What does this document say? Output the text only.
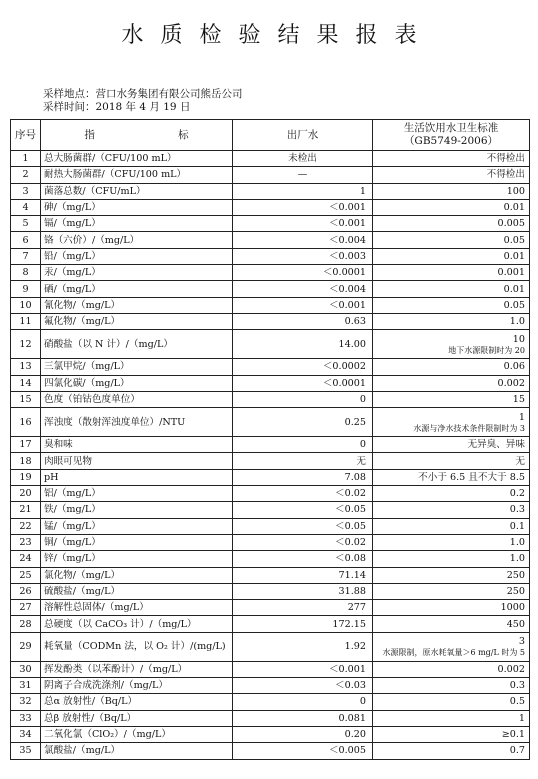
水质检验结果报表
采样地点：营口水务集团有限公司熊岳公司
采样时间：2018 年 4 月 19 日
序号	指 标	出厂水	生活饮用水卫生标准
（GB5749-2006）
1	总大肠菌群/（CFU/100 mL）	未检出	不得检出

2	耐热大肠菌群/（CFU/100 mL）	—	不得检出

3	菌落总数/（CFU/mL）	1	100

4	砷/（mg/L）	＜0.001	0.01

5	镉/（mg/L）	＜0.001	0.005

6	铬（六价）/（mg/L）	＜0.004	0.05

7	铅/（mg/L）	＜0.003	0.01

8	汞/（mg/L）	＜0.0001	0.001

9	硒/（mg/L）	＜0.004	0.01

10	氰化物/（mg/L）	＜0.001	0.05

11	氟化物/（mg/L）	0.63	1.0

12	硝酸盐（以 N 计）/（mg/L）	14.00	10
地下水源限制时为 20

13	三氯甲烷/（mg/L）	＜0.0002	0.06

14	四氯化碳/（mg/L）	＜0.0001	0.002

15	色度（铂钴色度单位）	0	15

16	浑浊度（散射浑浊度单位）/NTU	0.25	1
水源与净水技术条件限制时为 3

17	臭和味	0	无异臭、异味

18	肉眼可见物	无	无

19	pH	7.08	不小于 6.5 且不大于 8.5

20	铝/（mg/L）	＜0.02	0.2

21	铁/（mg/L）	＜0.05	0.3

22	锰/（mg/L）	＜0.05	0.1

23	铜/（mg/L）	＜0.02	1.0

24	锌/（mg/L）	＜0.08	1.0

25	氯化物/（mg/L）	71.14	250

26	硫酸盐/（mg/L）	31.88	250

27	溶解性总固体/（mg/L）	277	1000

28	总硬度（以 CaCO₃ 计）/（mg/L）	172.15	450

29	耗氧量（CODMn 法，以 O₂ 计）/(mg/L)	1.92	3
水源限制，原水耗氧量＞6 mg/L 时为 5

30	挥发酚类（以苯酚计）/（mg/L）	＜0.001	0.002

31	阴离子合成洗涤剂/（mg/L）	＜0.03	0.3

32	总α 放射性/（Bq/L）	0	0.5

33	总β 放射性/（Bq/L）	0.081	1

34	二氧化氯（ClO₂）/（mg/L）	0.20	≥0.1

35	氯酸盐/（mg/L）	＜0.005	0.7
